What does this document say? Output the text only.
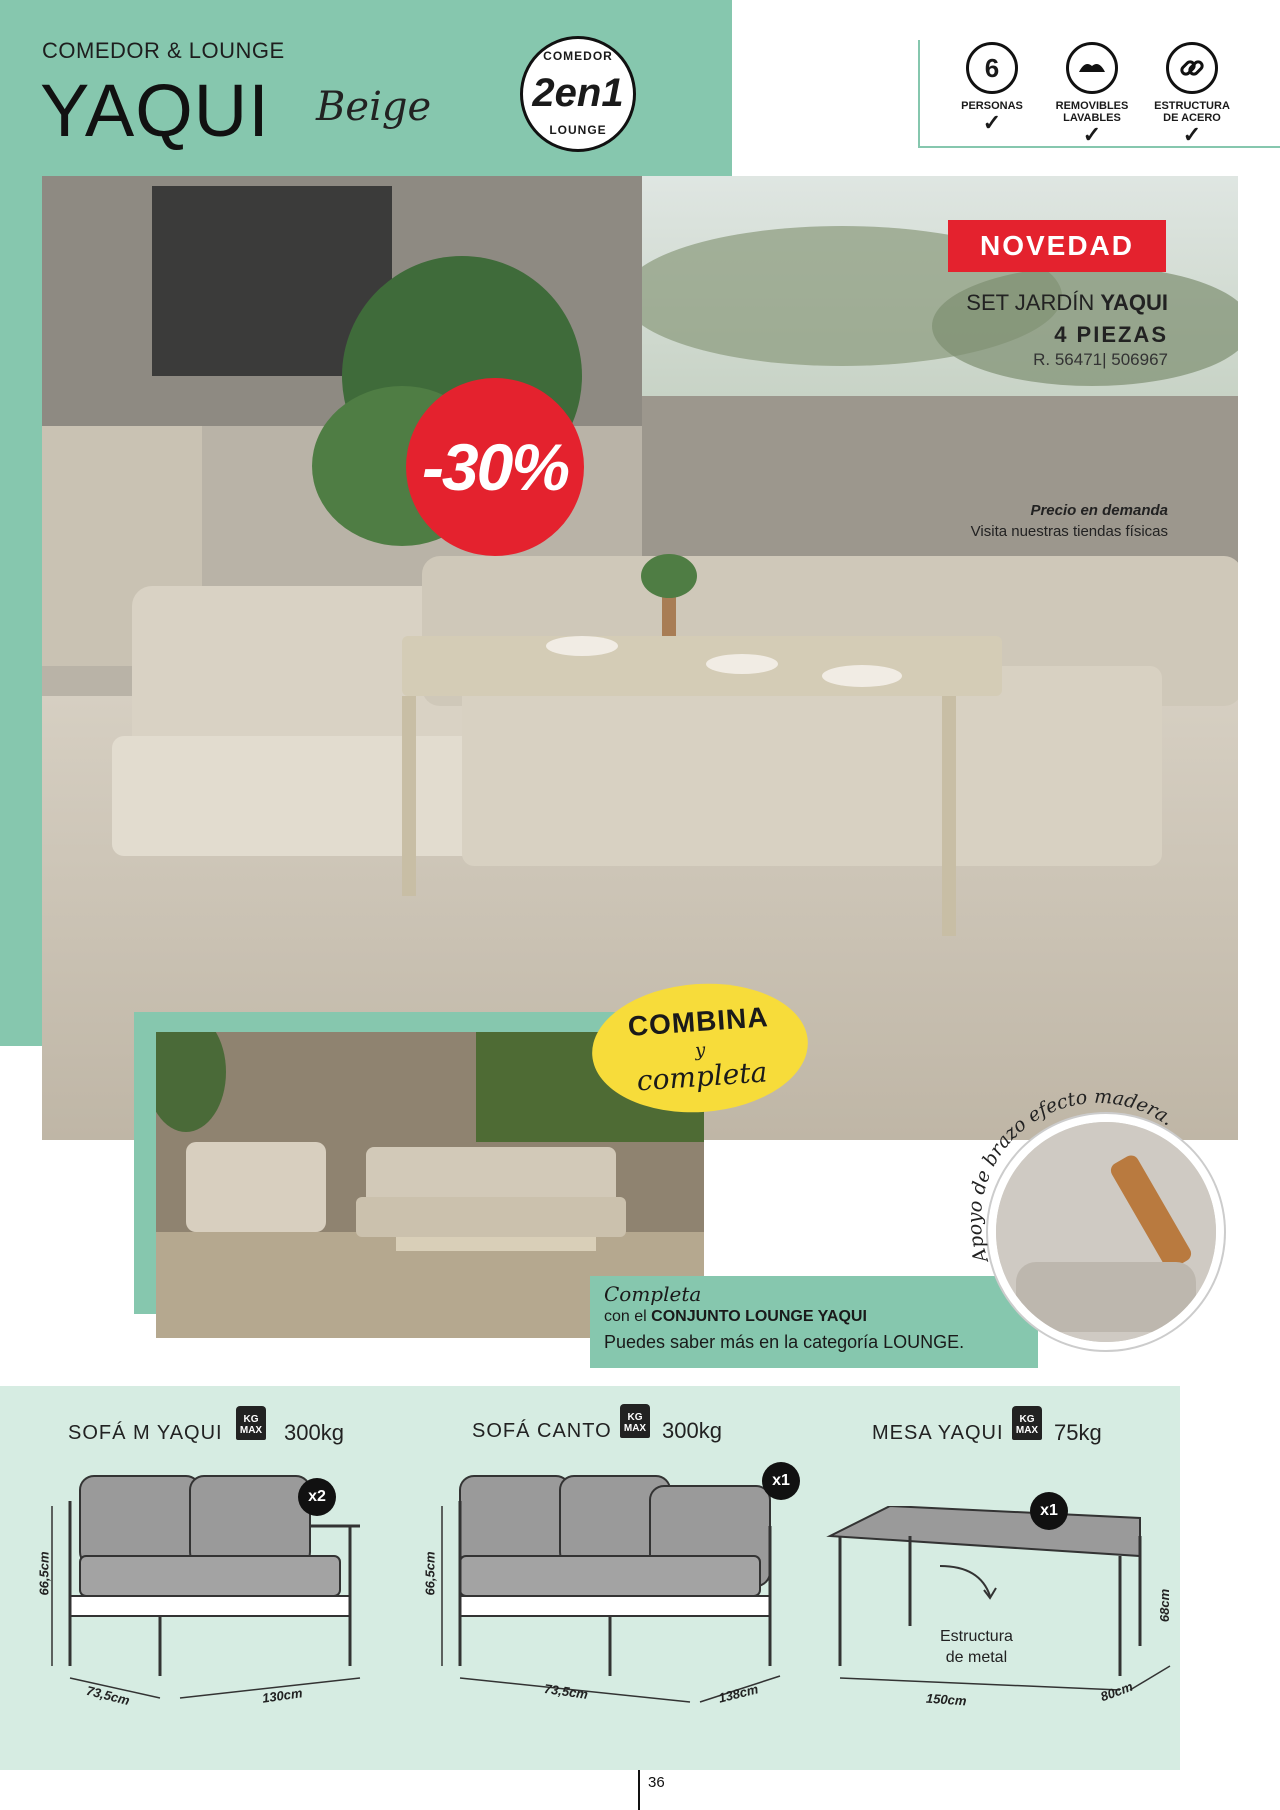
COMEDOR & LOUNGE
YAQUI Beige
COMEDOR
2en1
LOUNGE
6
PERSONAS
✓
REMOVIBLES
LAVABLES
✓
ESTRUCTURA
DE ACERO
✓
NOVEDAD
SET JARDÍN YAQUI
4 PIEZAS
R. 56471| 506967
Precio en demanda
Visita nuestras tiendas físicas
-30%
Completa
con el CONJUNTO LOUNGE YAQUI
Puedes saber más en la categoría LOUNGE.
COMBINA
y
completa
Apoyo de brazo efecto madera.
SOFÁ M YAQUI
KG MAX 300kg
x2
66,5cm
73,5cm	130cm
SOFÁ CANTO
KG MAX 300kg
x1
66,5cm
73,5cm	138cm
MESA YAQUI
KG MAX 75kg
x1
Estructura
de metal
68cm
150cm	80cm
36
